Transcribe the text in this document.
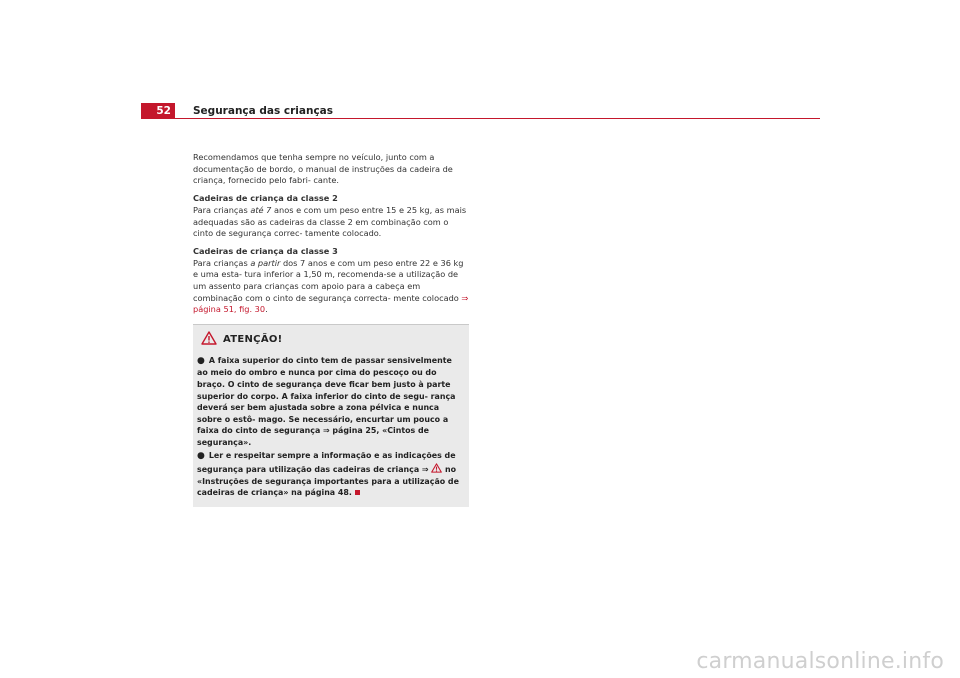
52	Segurança das crianças

Recomendamos que tenha sempre no veículo, junto com a documentação de bordo, o manual de instruções da cadeira de criança, fornecido pelo fabri- cante.

Cadeiras de criança da classe 2

Para crianças até 7 anos e com um peso entre 15 e 25 kg, as mais adequadas são as cadeiras da classe 2 em combinação com o cinto de segurança correc- tamente colocado.

Cadeiras de criança da classe 3

Para crianças a partir dos 7 anos e com um peso entre 22 e 36 kg e uma esta- tura inferior a 1,50 m, recomenda-se a utilização de um assento para crianças com apoio para a cabeça em combinação com o cinto de segurança correcta- mente colocado ⇒ página 51, fig. 30.

ATENÇÃO!
● A faixa superior do cinto tem de passar sensivelmente ao meio do ombro e nunca por cima do pescoço ou do braço. O cinto de segurança deve ficar bem justo à parte superior do corpo. A faixa inferior do cinto de segu- rança deverá ser bem ajustada sobre a zona pélvica e nunca sobre o estô- mago. Se necessário, encurtar um pouco a faixa do cinto de segurança ⇒ página 25, «Cintos de segurança».
● Ler e respeitar sempre a informação e as indicações de segurança para utilização das cadeiras de criança ⇒  no «Instruções de segurança importantes para a utilização de cadeiras de criança» na página 48.
carmanualsonline.info
